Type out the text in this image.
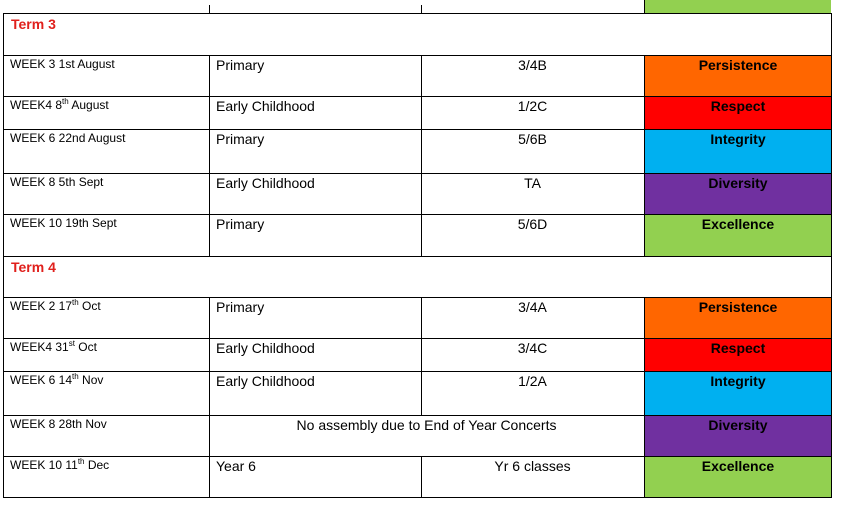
Term 3
WEEK 3 1st August	Primary	3/4B	Persistence
WEEK4 8th August	Early Childhood	1/2C	Respect
WEEK 6 22nd August	Primary	5/6B	Integrity
WEEK 8 5th Sept	Early Childhood	TA	Diversity
WEEK 10 19th Sept	Primary	5/6D	Excellence
Term 4
WEEK 2 17th Oct	Primary	3/4A	Persistence
WEEK4 31st Oct	Early Childhood	3/4C	Respect
WEEK 6 14th Nov	Early Childhood	1/2A	Integrity
WEEK 8 28th Nov	No assembly due to End of Year Concerts	Diversity
WEEK 10 11th Dec	Year 6	Yr 6 classes	Excellence
